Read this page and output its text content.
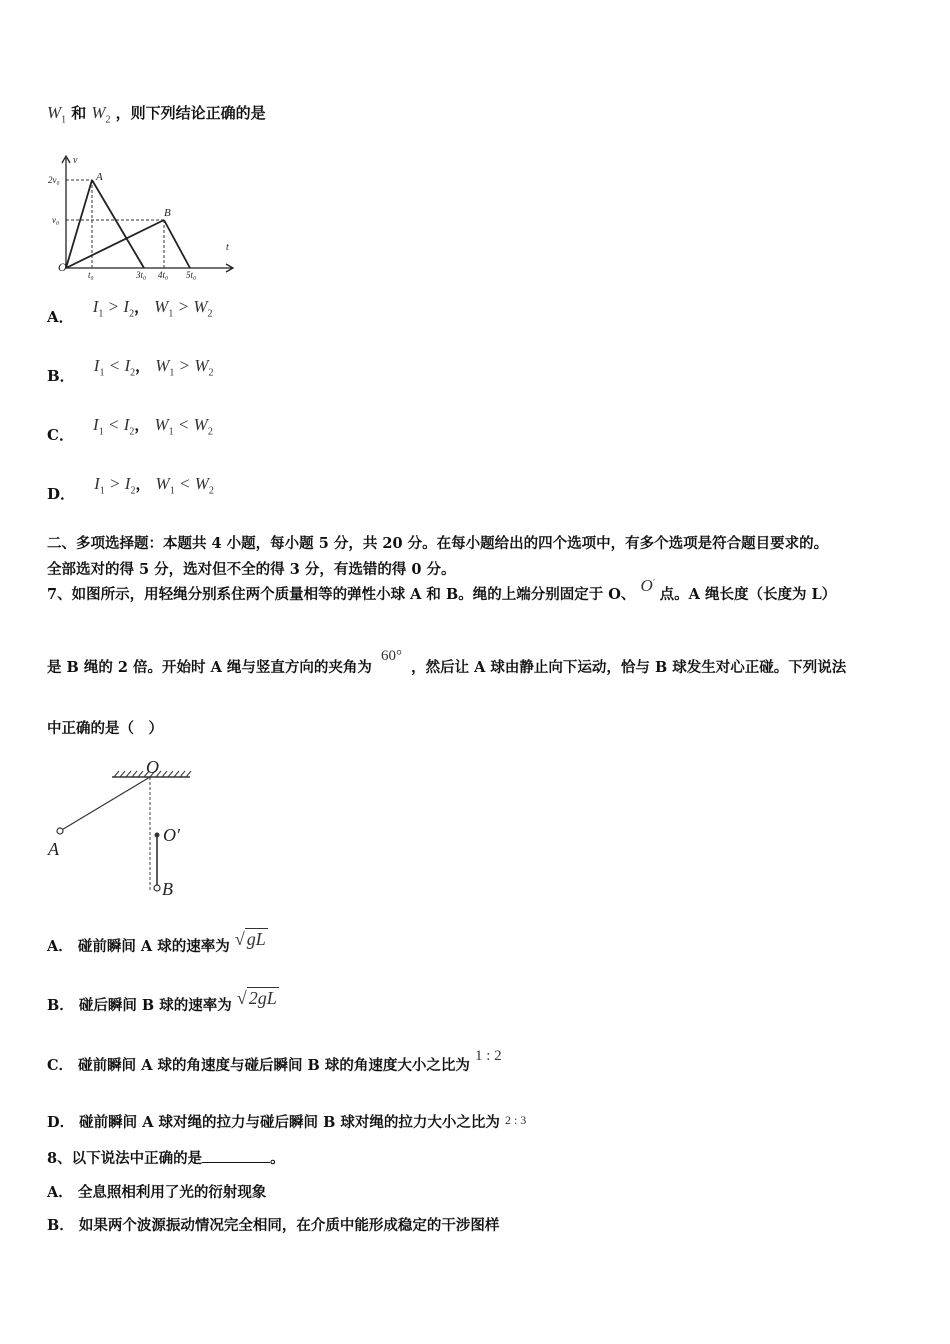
$W_1$ 和 $W_2$ ，则下列结论正确的是
v
t
O
2v₀
v₀
t₀	3t₀ 4t₀ 5t₀
A
B
A． $I_1 > I_2$， $W_1 > W_2$
B． $I_1 < I_2$， $W_1 > W_2$
C． $I_1 < I_2$， $W_1 < W_2$
D． $I_1 > I_2$， $W_1 < W_2$
二、多项选择题：本题共 4 小题，每小题 5 分，共 20 分。在每小题给出的四个选项中，有多个选项是符合题目要求的。
全部选对的得 5 分，选对但不全的得 3 分，有选错的得 0 分。
7、如图所示，用轻绳分别系住两个质量相等的弹性小球 A 和 B。绳的上端分别固定于 O、 O′ 点。A 绳长度（长度为 L）
是 B 绳的 2 倍。开始时 A 绳与竖直方向的夹角为 60° ，然后让 A 球由静止向下运动，恰与 B 球发生对心正碰。下列说法
中正确的是（　）
O
O′
A
B
A． 碰前瞬间 A 球的速率为 √ gL
B． 碰后瞬间 B 球的速率为 √ 2gL
C． 碰前瞬间 A 球的角速度与碰后瞬间 B 球的角速度大小之比为 1 : 2
D． 碰前瞬间 A 球对绳的拉力与碰后瞬间 B 球对绳的拉力大小之比为 2 : 3
8、以下说法中正确的是	。
A． 全息照相利用了光的衍射现象
B． 如果两个波源振动情况完全相同，在介质中能形成稳定的干涉图样
